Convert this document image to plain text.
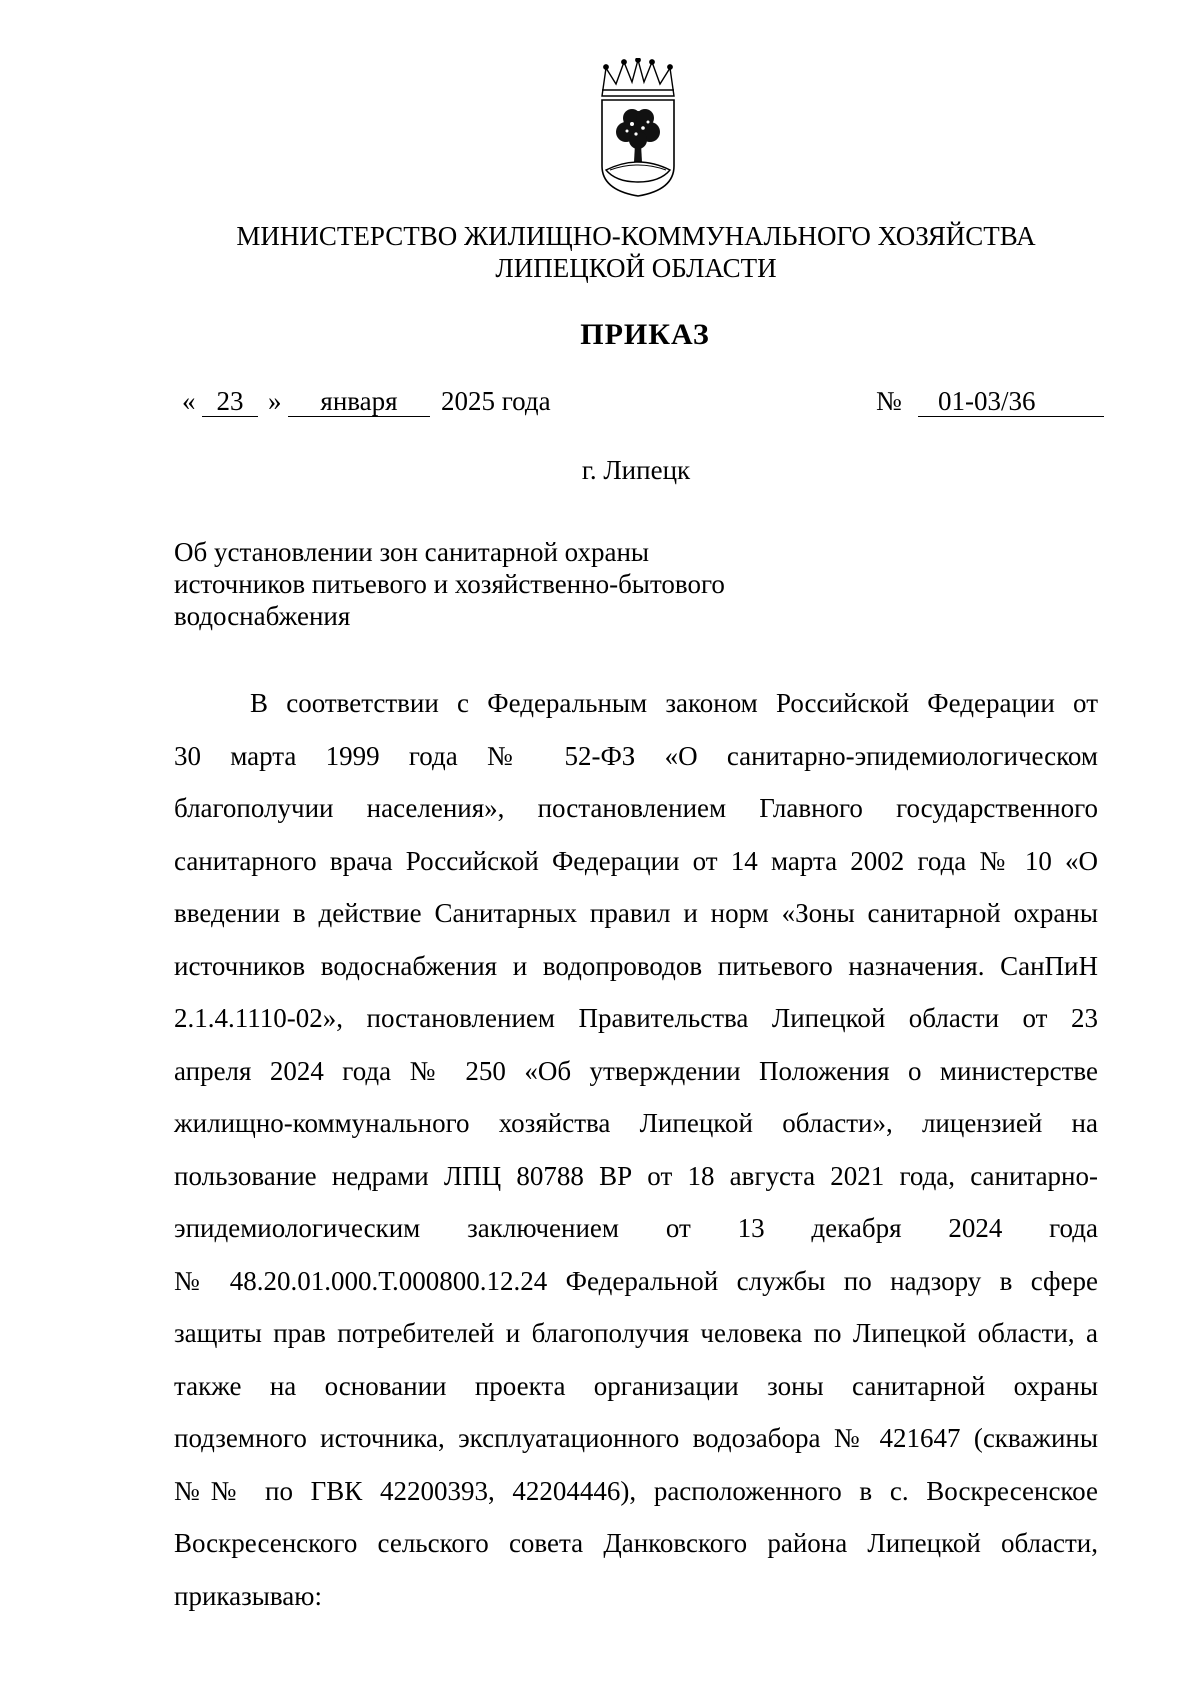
МИНИСТЕРСТВО ЖИЛИЩНО-КОММУНАЛЬНОГО ХОЗЯЙСТВА
ЛИПЕЦКОЙ ОБЛАСТИ
ПРИКАЗ
« 23 »	января	2025 года	№	01-03/36
г. Липецк
Об установлении зон санитарной охраны
источников питьевого и хозяйственно-бытового
водоснабжения
В соответствии с Федеральным законом Российской Федерации от
30 марта 1999 года № 52-ФЗ «О санитарно-эпидемиологическом
благополучии населения», постановлением Главного государственного
санитарного врача Российской Федерации от 14 марта 2002 года № 10 «О
введении в действие Санитарных правил и норм «Зоны санитарной охраны
источников водоснабжения и водопроводов питьевого назначения. СанПиН
2.1.4.1110-02», постановлением Правительства Липецкой области от 23
апреля 2024 года № 250 «Об утверждении Положения о министерстве
жилищно-коммунального хозяйства Липецкой области», лицензией на
пользование недрами ЛПЦ 80788 ВР от 18 августа 2021 года, санитарно-
эпидемиологическим заключением от 13 декабря 2024 года
№ 48.20.01.000.Т.000800.12.24 Федеральной службы по надзору в сфере
защиты прав потребителей и благополучия человека по Липецкой области, а
также на основании проекта организации зоны санитарной охраны
подземного источника, эксплуатационного водозабора № 421647 (скважины
№№ по ГВК 42200393, 42204446), расположенного в с. Воскресенское
Воскресенского сельского совета Данковского района Липецкой области,
приказываю:
